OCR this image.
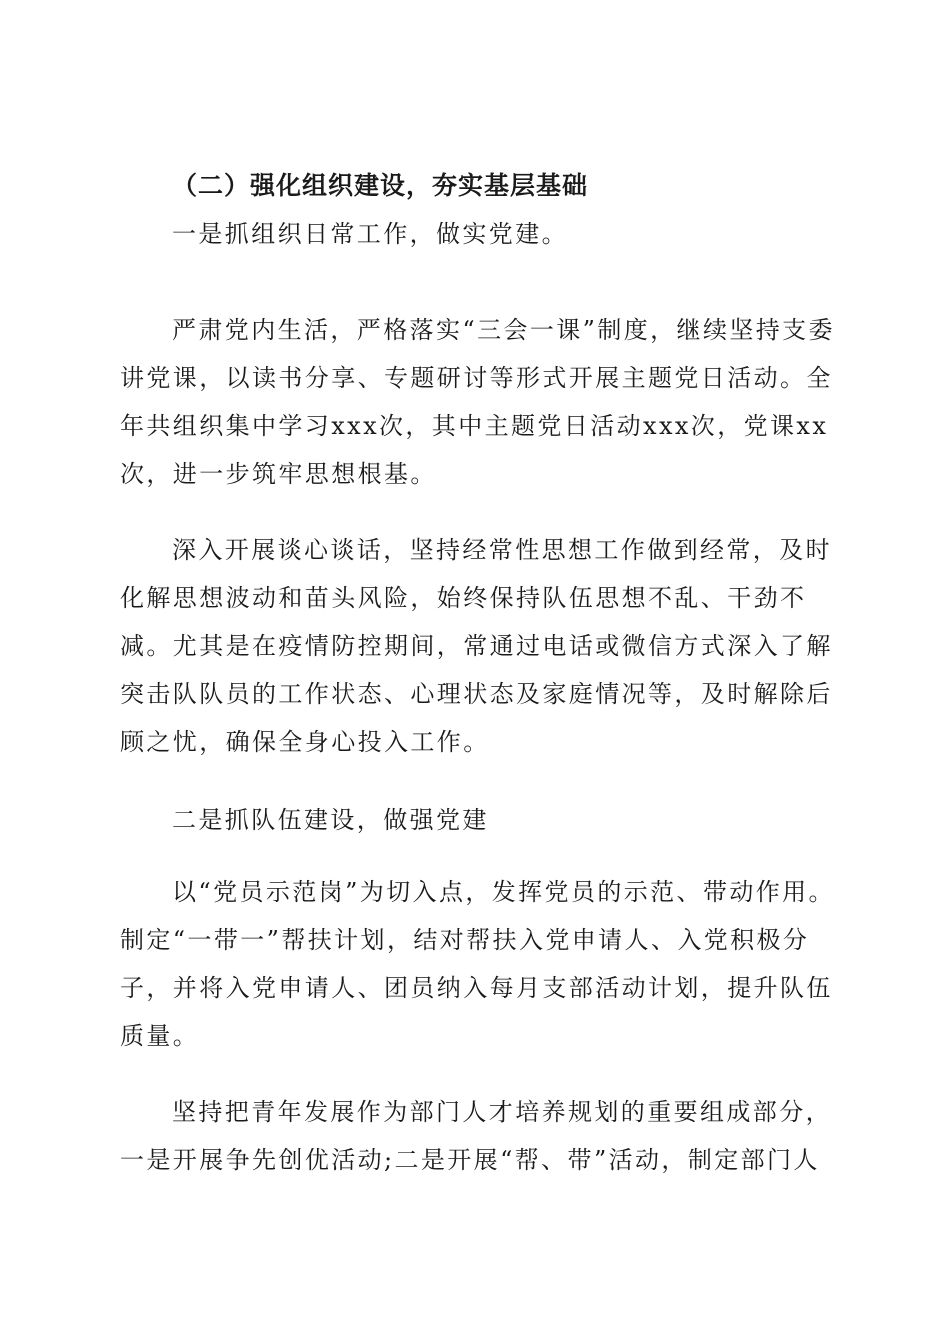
（二）强化组织建设，夯实基层基础

一是抓组织日常工作，做实党建。

严肃党内生活，严格落实“三会一课”制度，继续坚持支委讲党课，以读书分享、专题研讨等形式开展主题党日活动。全年共组织集中学习xxx次，其中主题党日活动xxx次，党课xx次，进一步筑牢思想根基。

深入开展谈心谈话，坚持经常性思想工作做到经常，及时化解思想波动和苗头风险，始终保持队伍思想不乱、干劲不减。尤其是在疫情防控期间，常通过电话或微信方式深入了解突击队队员的工作状态、心理状态及家庭情况等，及时解除后顾之忧，确保全身心投入工作。

二是抓队伍建设，做强党建

以“党员示范岗”为切入点，发挥党员的示范、带动作用。制定“一带一”帮扶计划，结对帮扶入党申请人、入党积极分子，并将入党申请人、团员纳入每月支部活动计划，提升队伍质量。

坚持把青年发展作为部门人才培养规划的重要组成部分，一是开展争先创优活动;二是开展“帮、带”活动，制定部门人
